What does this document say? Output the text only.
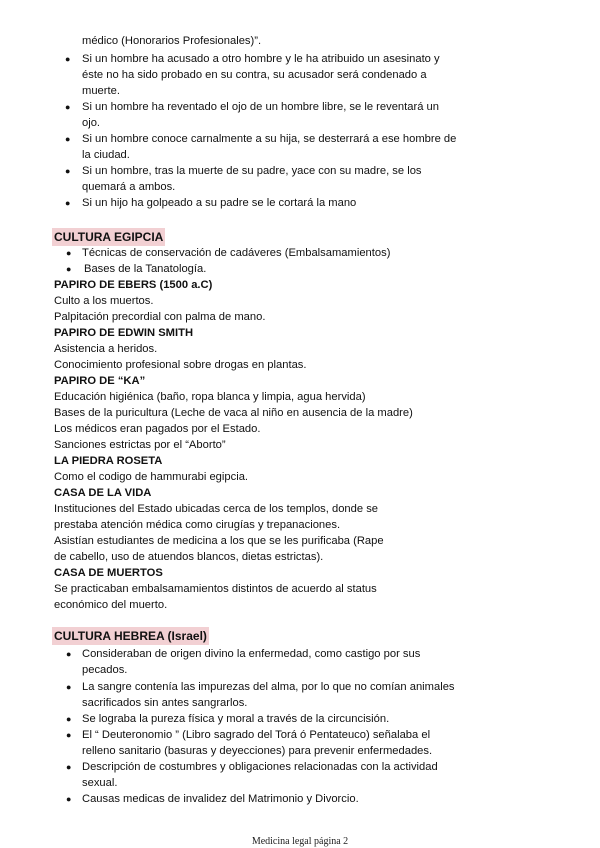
médico (Honorarios Profesionales)”.
● Si un hombre ha acusado a otro hombre y le ha atribuido un asesinato y
éste no ha sido probado en su contra, su acusador será condenado a
muerte.
● Si un hombre ha reventado el ojo de un hombre libre, se le reventará un
ojo.
● Si un hombre conoce carnalmente a su hija, se desterrará a ese hombre de
la ciudad.
● Si un hombre, tras la muerte de su padre, yace con su madre, se los
quemará a ambos.
● Si un hijo ha golpeado a su padre se le cortará la mano
CULTURA EGIPCIA
● Técnicas de conservación de cadáveres (Embalsamamientos)
● Bases de la Tanatología.
PAPIRO DE EBERS (1500 a.C)
Culto a los muertos.
Palpitación precordial con palma de mano.
PAPIRO DE EDWIN SMITH
Asistencia a heridos.
Conocimiento profesional sobre drogas en plantas.
PAPIRO DE “KA”
Educación higiénica (baño, ropa blanca y limpia, agua hervida)
Bases de la puricultura (Leche de vaca al niño en ausencia de la madre)
Los médicos eran pagados por el Estado.
Sanciones estrictas por el “Aborto”
LA PIEDRA ROSETA
Como el codigo de hammurabi egipcia.
CASA DE LA VIDA
Instituciones del Estado ubicadas cerca de los templos, donde se
prestaba atención médica como cirugías y trepanaciones.
Asistían estudiantes de medicina a los que se les purificaba (Rape
de cabello, uso de atuendos blancos, dietas estrictas).
CASA DE MUERTOS
Se practicaban embalsamamientos distintos de acuerdo al status
económico del muerto.
CULTURA HEBREA (Israel)
● Consideraban de origen divino la enfermedad, como castigo por sus
pecados.
● La sangre contenía las impurezas del alma, por lo que no comían animales
sacrificados sin antes sangrarlos.
● Se lograba la pureza física y moral a través de la circuncisión.
● El “ Deuteronomio ” (Libro sagrado del Torá ó Pentateuco) señalaba el
relleno sanitario (basuras y deyecciones) para prevenir enfermedades.
● Descripción de costumbres y obligaciones relacionadas con la actividad
sexual.
● Causas medicas de invalidez del Matrimonio y Divorcio.
Medicina legal página 2
